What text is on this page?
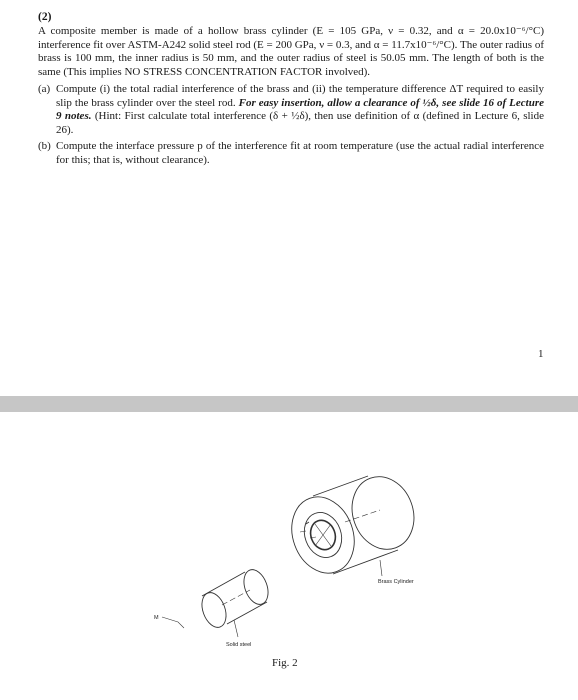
(2)

A composite member is made of a hollow brass cylinder (E = 105 GPa, ν = 0.32, and α = 20.0x10⁻⁶/°C) interference fit over ASTM-A242 solid steel rod (E = 200 GPa, ν = 0.3, and α = 11.7x10⁻⁶/°C). The outer radius of brass is 100 mm, the inner radius is 50 mm, and the outer radius of steel is 50.05 mm. The length of both is the same (This implies NO STRESS CONCENTRATION FACTOR involved).

(a) Compute (i) the total radial interference of the brass and (ii) the temperature difference ΔT required to easily slip the brass cylinder over the steel rod. For easy insertion, allow a clearance of ½δ, see slide 16 of Lecture 9 notes. (Hint: First calculate total interference (δ + ½δ), then use definition of α (defined in Lecture 6, slide 26).
(b) Compute the interface pressure p of the interference fit at room temperature (use the actual radial interference for this; that is, without clearance).
1
Brass Cylinder
Solid steel
M
Fig. 2
